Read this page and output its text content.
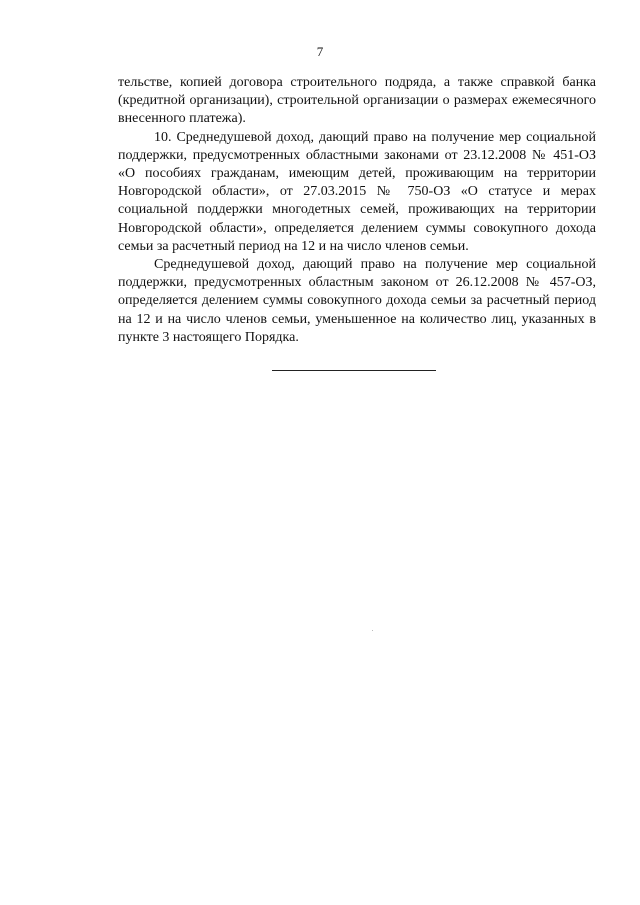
7

тельстве, копией договора строительного подряда, а также справкой банка (кредитной организации), строительной организации о размерах ежемесячного внесенного платежа).

10. Среднедушевой доход, дающий право на получение мер социальной поддержки, предусмотренных областными законами от 23.12.2008 № 451-ОЗ «О пособиях гражданам, имеющим детей, проживающим на территории Новгородской области», от 27.03.2015 № 750-ОЗ «О статусе и мерах социальной поддержки многодетных семей, проживающих на территории Новгородской области», определяется делением суммы совокупного дохода семьи за расчетный период на 12 и на число членов семьи.

Среднедушевой доход, дающий право на получение мер социальной поддержки, предусмотренных областным законом от 26.12.2008 № 457-ОЗ, определяется делением суммы совокупного дохода семьи за расчетный период на 12 и на число членов семьи, уменьшенное на количество лиц, указанных в пункте 3 настоящего Порядка.
